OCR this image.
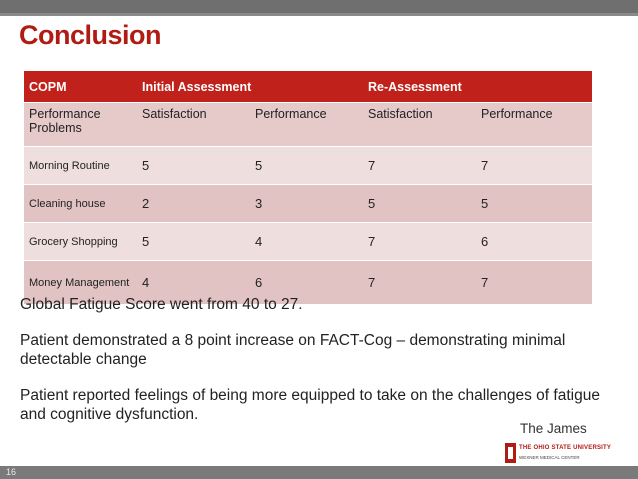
Conclusion
COPM	Initial Assessment		Re-Assessment	
Performance Problems	Satisfaction	Performance	Satisfaction	Performance
Morning Routine	5	5	7	7
Cleaning house	2	3	5	5
Grocery Shopping	5	4	7	6
Money Management	4	6	7	7
Global Fatigue Score went from 40 to 27.
Patient demonstrated a 8 point increase on FACT-Cog – demonstrating minimal detectable change
Patient reported feelings of being more equipped to take on the challenges of fatigue and cognitive dysfunction.
The James
THE OHIO STATE UNIVERSITY
WEXNER MEDICAL CENTER
16
